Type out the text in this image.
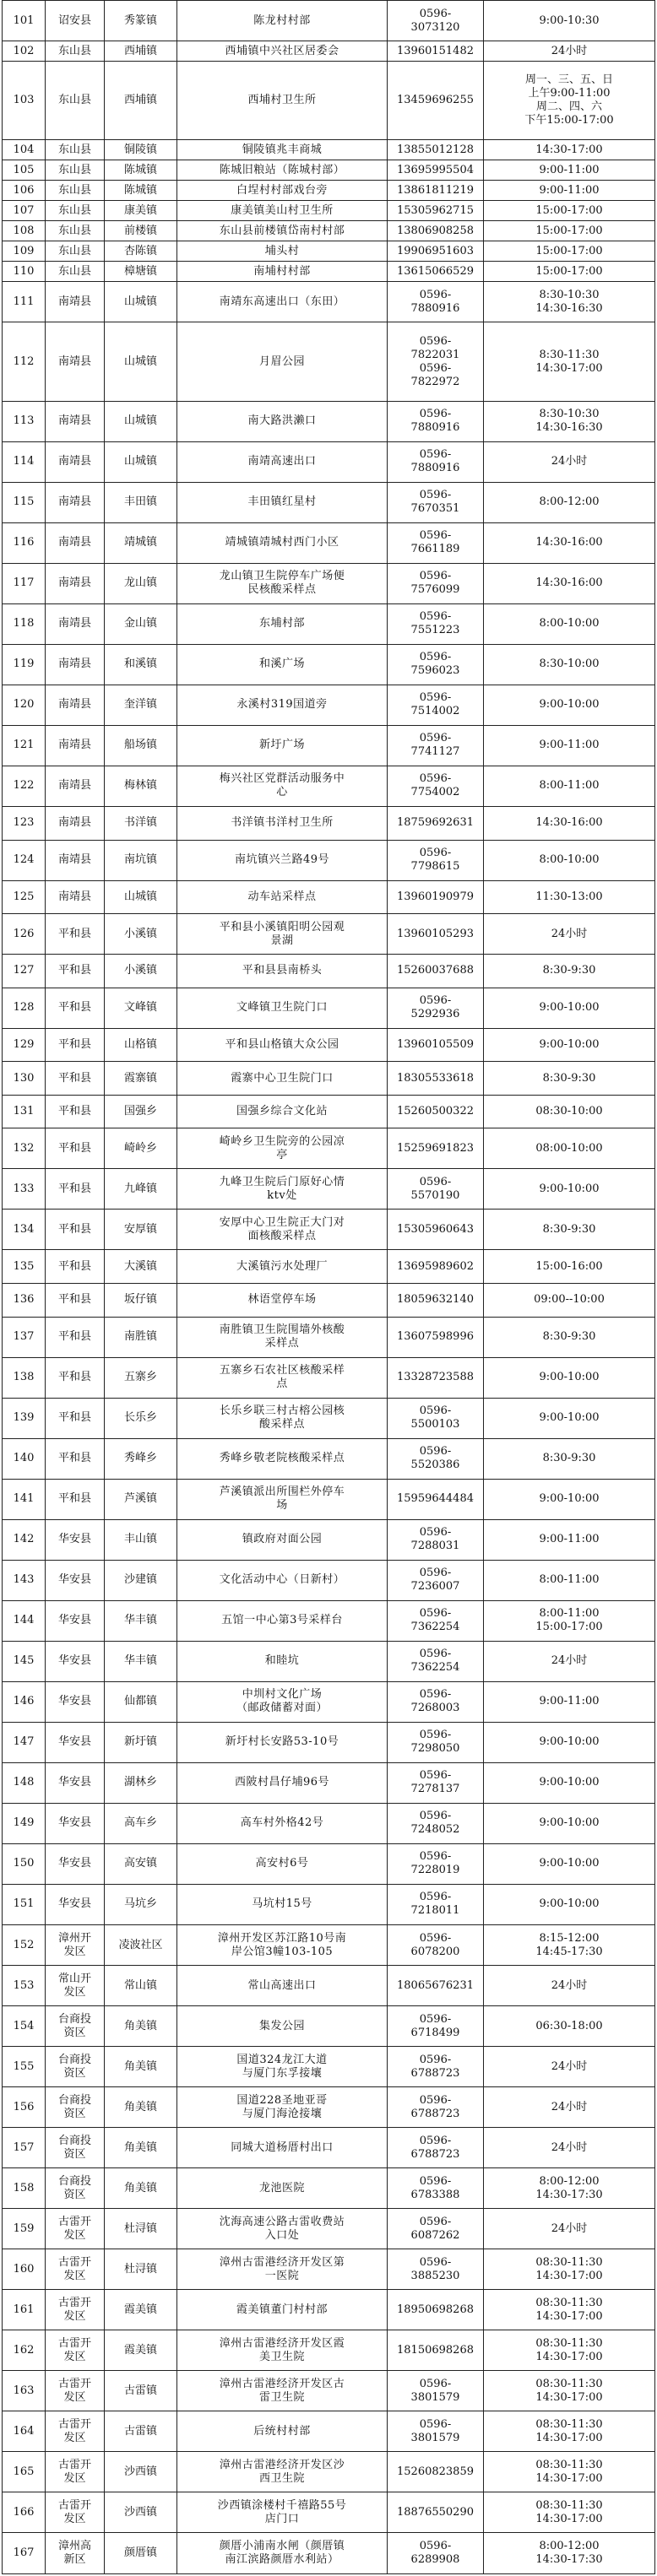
101	诏安县	秀篆镇	陈龙村村部	0596-
3073120	9:00-10:30
102	东山县	西埔镇	西埔镇中兴社区居委会	13960151482	24小时
103	东山县	西埔镇	西埔村卫生所	13459696255	周一、三、五、日
上午9:00-11:00
周二、四、六
下午15:00-17:00
104	东山县	铜陵镇	铜陵镇兆丰商城	13855012128	14:30-17:00
105	东山县	陈城镇	陈城旧粮站（陈城村部）	13695995504	9:00-11:00
106	东山县	陈城镇	白埕村村部戏台旁	13861811219	9:00-11:00
107	东山县	康美镇	康美镇美山村卫生所	15305962715	15:00-17:00
108	东山县	前楼镇	东山县前楼镇岱南村村部	13806908258	15:00-17:00
109	东山县	杏陈镇	埔头村	19906951603	15:00-17:00
110	东山县	樟塘镇	南埔村村部	13615066529	15:00-17:00
111	南靖县	山城镇	南靖东高速出口（东田）	0596-
7880916	8:30-10:30
14:30-16:30
112	南靖县	山城镇	月眉公园	0596-
7822031
0596-
7822972	8:30-11:30
14:30-17:00
113	南靖县	山城镇	南大路洪濑口	0596-
7880916	8:30-10:30
14:30-16:30
114	南靖县	山城镇	南靖高速出口	0596-
7880916	24小时
115	南靖县	丰田镇	丰田镇红星村	0596-
7670351	8:00-12:00
116	南靖县	靖城镇	靖城镇靖城村西门小区	0596-
7661189	14:30-16:00
117	南靖县	龙山镇	龙山镇卫生院停车广场便
民核酸采样点	0596-
7576099	14:30-16:00
118	南靖县	金山镇	东埔村部	0596-
7551223	8:00-10:00
119	南靖县	和溪镇	和溪广场	0596-
7596023	8:30-10:00
120	南靖县	奎洋镇	永溪村319国道旁	0596-
7514002	9:00-10:00
121	南靖县	船场镇	新圩广场	0596-
7741127	9:00-11:00
122	南靖县	梅林镇	梅兴社区党群活动服务中
心	0596-
7754002	8:00-11:00
123	南靖县	书洋镇	书洋镇书洋村卫生所	18759692631	14:30-16:00
124	南靖县	南坑镇	南坑镇兴兰路49号	0596-
7798615	8:00-10:00
125	南靖县	山城镇	动车站采样点	13960190979	11:30-13:00
126	平和县	小溪镇	平和县小溪镇阳明公园观
景湖	13960105293	24小时
127	平和县	小溪镇	平和县县南桥头	15260037688	8:30-9:30
128	平和县	文峰镇	文峰镇卫生院门口	0596-
5292936	9:00-10:00
129	平和县	山格镇	平和县山格镇大众公园	13960105509	9:00-10:00
130	平和县	霞寨镇	霞寨中心卫生院门口	18305533618	8:30-9:30
131	平和县	国强乡	国强乡综合文化站	15260500322	08:30-10:00
132	平和县	崎岭乡	崎岭乡卫生院旁的公园凉
亭	15259691823	08:00-10:00
133	平和县	九峰镇	九峰卫生院后门原好心情
ktv处	0596-
5570190	9:00-10:00
134	平和县	安厚镇	安厚中心卫生院正大门对
面核酸采样点	15305960643	8:30-9:30
135	平和县	大溪镇	大溪镇污水处理厂	13695989602	15:00-16:00
136	平和县	坂仔镇	林语堂停车场	18059632140	09:00--10:00
137	平和县	南胜镇	南胜镇卫生院围墙外核酸
采样点	13607598996	8:30-9:30
138	平和县	五寨乡	五寨乡石农社区核酸采样
点	13328723588	9:00-10:00
139	平和县	长乐乡	长乐乡联三村古榕公园核
酸采样点	0596-
5500103	9:00-10:00
140	平和县	秀峰乡	秀峰乡敬老院核酸采样点	0596-
5520386	8:30-9:30
141	平和县	芦溪镇	芦溪镇派出所围栏外停车
场	15959644484	9:00-10:00
142	华安县	丰山镇	镇政府对面公园	0596-
7288031	9:00-11:00
143	华安县	沙建镇	文化活动中心（日新村）	0596-
7236007	8:00-11:00
144	华安县	华丰镇	五馆一中心第3号采样台	0596-
7362254	8:00-11:00
15:00-17:00
145	华安县	华丰镇	和睦坑	0596-
7362254	24小时
146	华安县	仙都镇	中圳村文化广场
（邮政储蓄对面）	0596-
7268003	9:00-11:00
147	华安县	新圩镇	新圩村长安路53-10号	0596-
7298050	9:00-10:00
148	华安县	湖林乡	西陂村昌仔埔96号	0596-
7278137	9:00-10:00
149	华安县	高车乡	高车村外格42号	0596-
7248052	9:00-10:00
150	华安县	高安镇	高安村6号	0596-
7228019	9:00-10:00
151	华安县	马坑乡	马坑村15号	0596-
7218011	9:00-10:00
152	漳州开
发区	凌波社区	漳州开发区苏江路10号南
岸公馆3幢103-105	0596-
6078200	8:15-12:00
14:45-17:30
153	常山开
发区	常山镇	常山高速出口	18065676231	24小时
154	台商投
资区	角美镇	集发公园	0596-
6718499	06:30-18:00
155	台商投
资区	角美镇	国道324龙江大道
与厦门东孚接壤	0596-
6788723	24小时
156	台商投
资区	角美镇	国道228圣地亚哥
与厦门海沧接壤	0596-
6788723	24小时
157	台商投
资区	角美镇	同城大道杨厝村出口	0596-
6788723	24小时
158	台商投
资区	角美镇	龙池医院	0596-
6783388	8:00-12:00
14:30-17:30
159	古雷开
发区	杜浔镇	沈海高速公路古雷收费站
入口处	0596-
6087262	24小时
160	古雷开
发区	杜浔镇	漳州古雷港经济开发区第
一医院	0596-
3885230	08:30-11:30
14:30-17:00
161	古雷开
发区	霞美镇	霞美镇董门村村部	18950698268	08:30-11:30
14:30-17:00
162	古雷开
发区	霞美镇	漳州古雷港经济开发区霞
美卫生院	18150698268	08:30-11:30
14:30-17:00
163	古雷开
发区	古雷镇	漳州古雷港经济开发区古
雷卫生院	0596-
3801579	08:30-11:30
14:30-17:00
164	古雷开
发区	古雷镇	后统村村部	0596-
3801579	08:30-11:30
14:30-17:00
165	古雷开
发区	沙西镇	漳州古雷港经济开发区沙
西卫生院	15260823859	08:30-11:30
14:30-17:00
166	古雷开
发区	沙西镇	沙西镇涂楼村千禧路55号
店门口	18876550290	08:30-11:30
14:30-17:00
167	漳州高
新区	颜厝镇	颜厝小浦南水闸（颜厝镇
南江滨路颜厝水利站）	0596-
6289908	8:00-12:00
14:30-17:30
